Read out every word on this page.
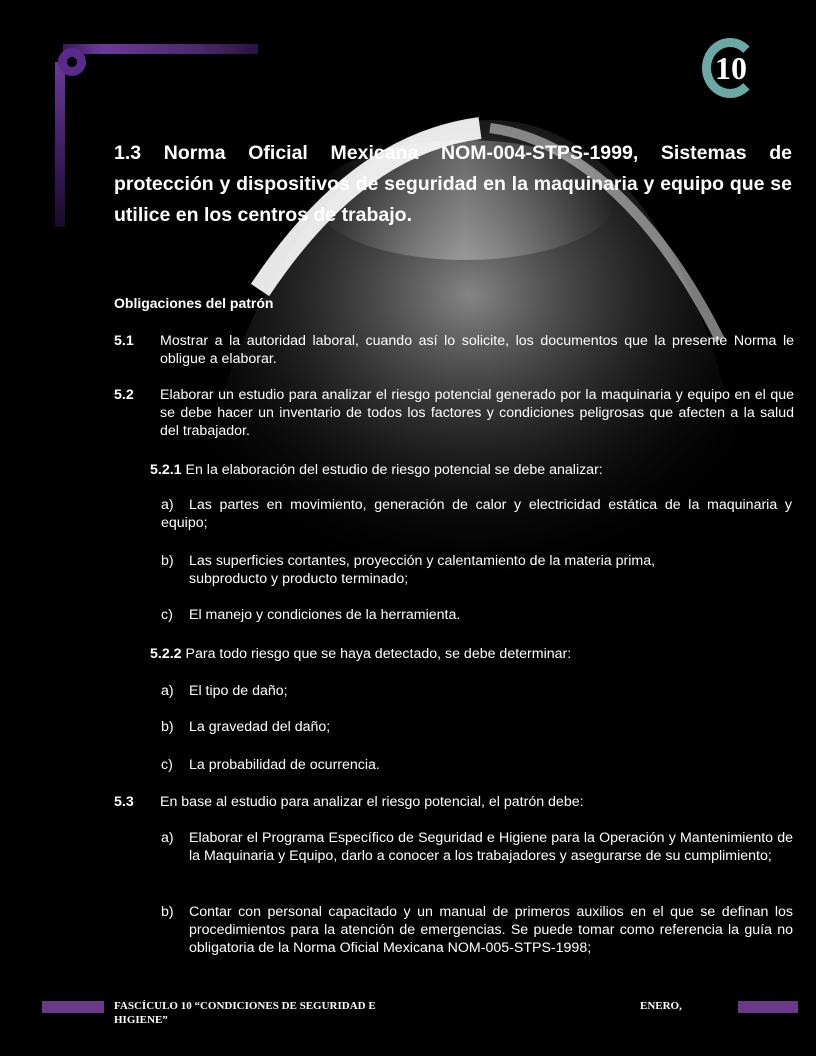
10
1.3 Norma Oficial Mexicana NOM-004-STPS-1999, Sistemas de protección y dispositivos de seguridad en la maquinaria y equipo que se utilice en los centros de trabajo.
Obligaciones del patrón
5.1 Mostrar a la autoridad laboral, cuando así lo solicite, los documentos que la presente Norma le obligue a elaborar.
5.2 Elaborar un estudio para analizar el riesgo potencial generado por la maquinaria y equipo en el que se debe hacer un inventario de todos los factores y condiciones peligrosas que afecten a la salud del trabajador.
5.2.1 En la elaboración del estudio de riesgo potencial se debe analizar:
a)	Las partes en movimiento, generación de calor y electricidad estática de la maquinaria y equipo;
b) Las superficies cortantes, proyección y calentamiento de la materia prima, subproducto y producto terminado;
c) El manejo y condiciones de la herramienta.
5.2.2 Para todo riesgo que se haya detectado, se debe determinar:
a) El tipo de daño;
b) La gravedad del daño;
c) La probabilidad de ocurrencia.
5.3 En base al estudio para analizar el riesgo potencial, el patrón debe:
a) Elaborar el Programa Específico de Seguridad e Higiene para la Operación y Mantenimiento de la Maquinaria y Equipo, darlo a conocer a los trabajadores y asegurarse de su cumplimiento;
b) Contar con personal capacitado y un manual de primeros auxilios en el que se definan los procedimientos para la atención de emergencias. Se puede tomar como referencia la guía no obligatoria de la Norma Oficial Mexicana NOM-005-STPS-1998;
FASCÍCULO 10 “CONDICIONES DE SEGURIDAD E
HIGIENE”
ENERO,
